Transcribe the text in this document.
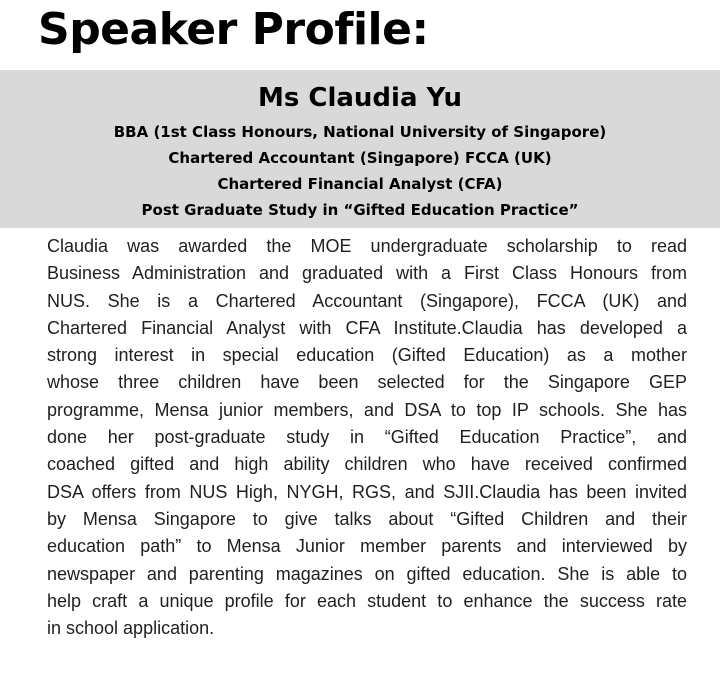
Speaker Profile:
Ms Claudia Yu
BBA (1st Class Honours, National University of Singapore)
Chartered Accountant (Singapore) FCCA (UK)
Chartered Financial Analyst (CFA)
Post Graduate Study in “Gifted Education Practice”
Claudia was awarded the MOE undergraduate scholarship to read
Business Administration and graduated with a First Class Honours from
NUS. She is a Chartered Accountant (Singapore), FCCA (UK) and
Chartered Financial Analyst with CFA Institute.Claudia has developed a
strong interest in special education (Gifted Education) as a mother
whose three children have been selected for the Singapore GEP
programme, Mensa junior members, and DSA to top IP schools. She has
done her post-graduate study in “Gifted Education Practice”, and
coached gifted and high ability children who have received confirmed
DSA offers from NUS High, NYGH, RGS, and SJII.Claudia has been invited
by Mensa Singapore to give talks about “Gifted Children and their
education path” to Mensa Junior member parents and interviewed by
newspaper and parenting magazines on gifted education. She is able to
help craft a unique profile for each student to enhance the success rate
in school application.
